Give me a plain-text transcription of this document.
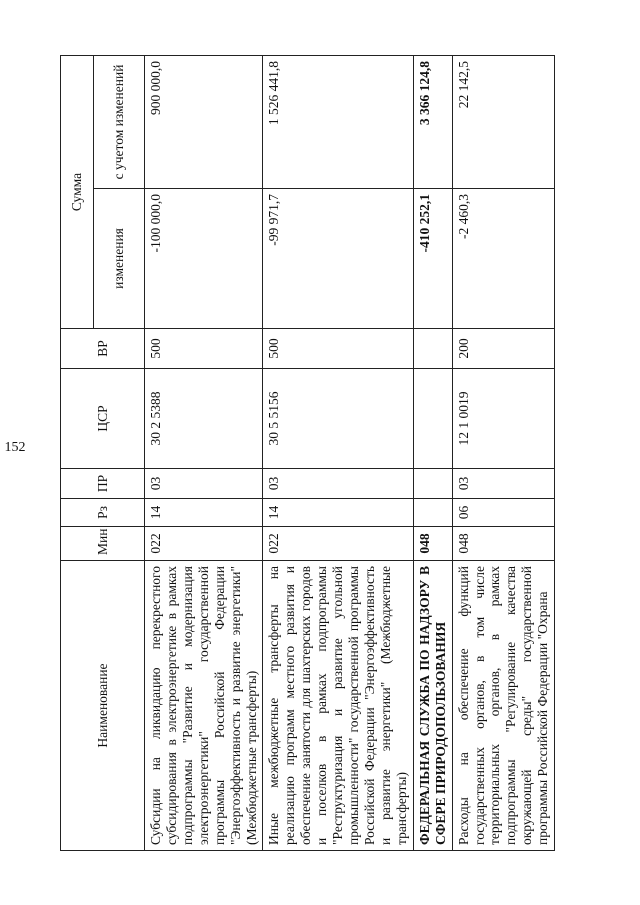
152
Наименование	Мин	Рз	ПР	ЦСР	ВР	Сумма	
						изменения	с учетом изменений
Субсидии на ликвидацию перекрестного субсидирования в электроэнергетике в рамках подпрограммы "Развитие и модернизация электроэнергетики" государственной программы Российской Федерации "Энергоэффективность и развитие энергетики" (Межбюджетные трансферты)	022	14	03	30 2 5388	500	-100 000,0	900 000,0
Иные межбюджетные трансферты на реализацию программ местного развития и обеспечение занятости для шахтерских городов и поселков в рамках подпрограммы "Реструктуризация и развитие угольной промышленности" государственной программы Российской Федерации "Энергоэффективность и развитие энергетики" (Межбюджетные трансферты)	022	14	03	30 5 5156	500	-99 971,7	1 526 441,8
ФЕДЕРАЛЬНАЯ СЛУЖБА ПО НАДЗОРУ В СФЕРЕ ПРИРОДОПОЛЬЗОВАНИЯ	048					-410 252,1	3 366 124,8
Расходы на обеспечение функций государственных органов, в том числе территориальных органов, в рамках подпрограммы "Регулирование качества окружающей среды" государственной программы Российской Федерации "Охрана	048	06	03	12 1 0019	200	-2 460,3	22 142,5
